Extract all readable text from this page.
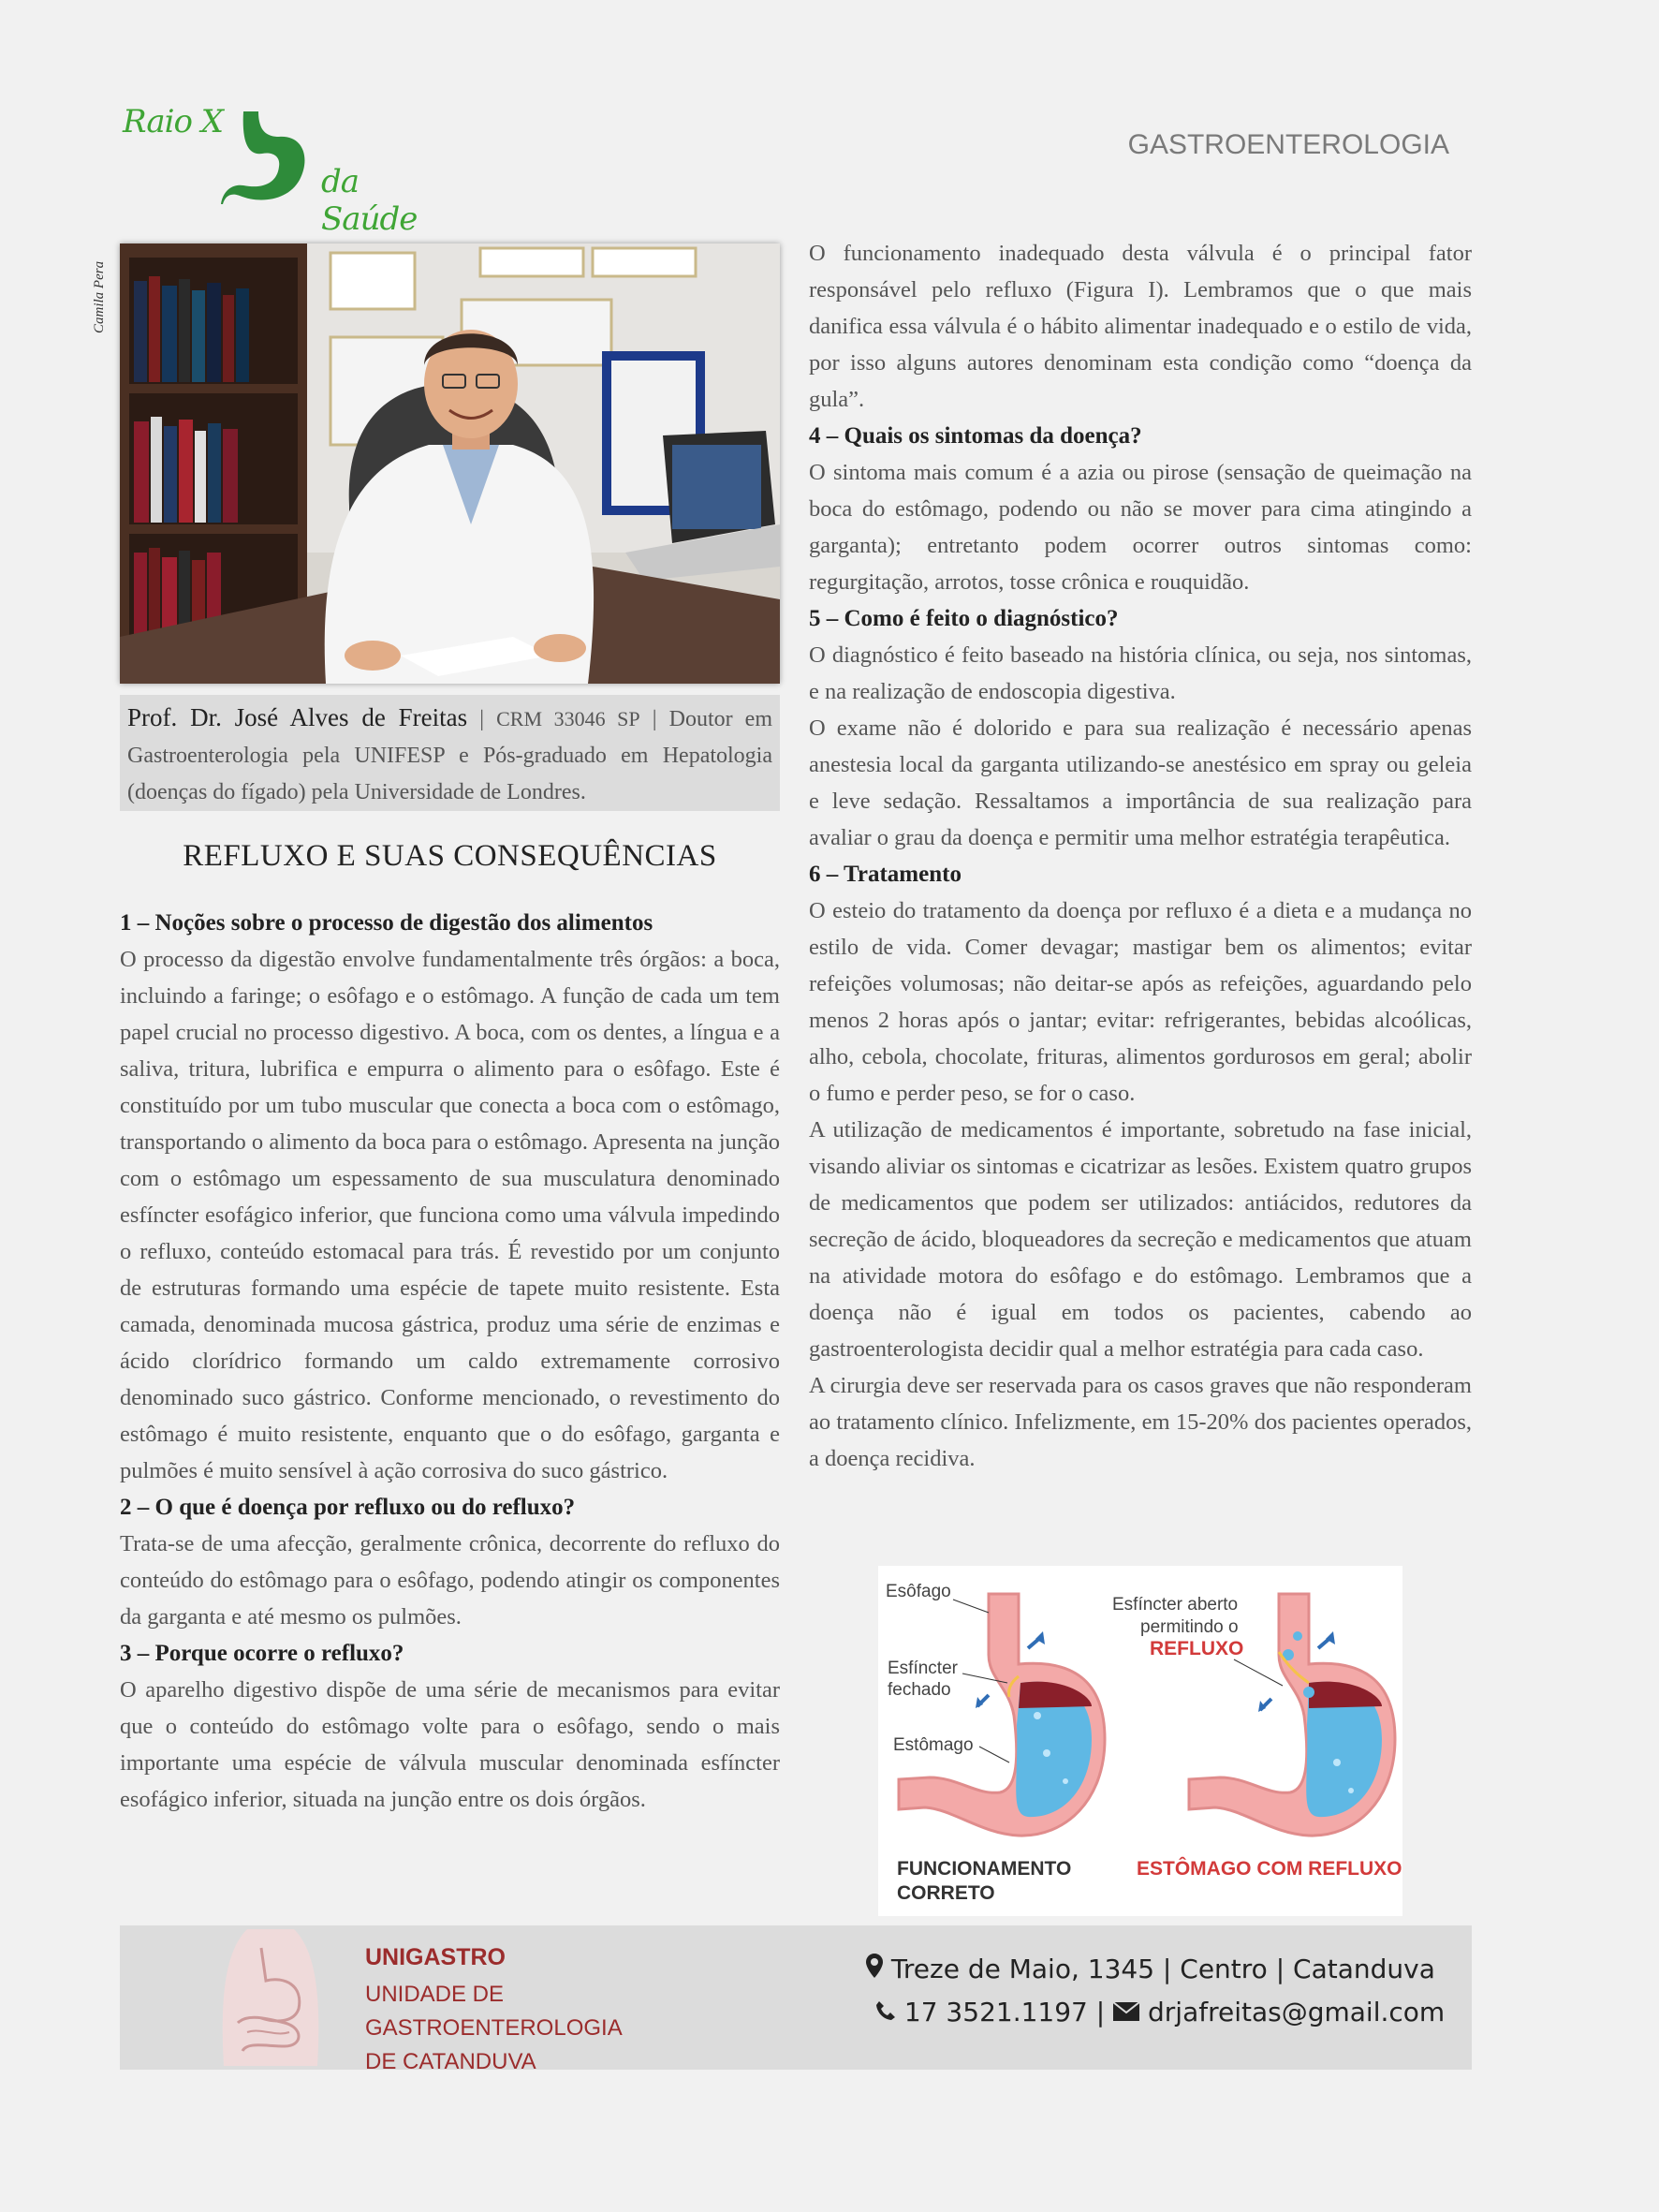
Raio X
da Saúde
GASTROENTEROLOGIA
Camila Pera
Prof. Dr. José Alves de Freitas | CRM 33046 SP | Doutor em Gastroenterologia pela UNIFESP e Pós-graduado em Hepatologia (doenças do fígado) pela Universidade de Londres.
REFLUXO E SUAS CONSEQUÊNCIAS
1 – Noções sobre o processo de digestão dos alimentos

O processo da digestão envolve fundamentalmente três órgãos: a boca, incluindo a faringe; o esôfago e o estômago. A função de cada um tem papel crucial no processo digestivo. A boca, com os dentes, a língua e a saliva, tritura, lubrifica e empurra o alimento para o esôfago. Este é constituído por um tubo muscular que conecta a boca com o estômago, transportando o alimento da boca para o estômago. Apresenta na junção com o estômago um espessamento de sua musculatura denominado esfíncter esofágico inferior, que funciona como uma válvula impedindo o refluxo, conteúdo estomacal para trás. É revestido por um conjunto de estruturas formando uma espécie de tapete muito resistente. Esta camada, denominada mucosa gástrica, produz uma série de enzimas e ácido clorídrico formando um caldo extremamente corrosivo denominado suco gástrico. Conforme mencionado, o revestimento do estômago é muito resistente, enquanto que o do esôfago, garganta e pulmões é muito sensível à ação corrosiva do suco gástrico.

2 – O que é doença por refluxo ou do refluxo?

Trata-se de uma afecção, geralmente crônica, decorrente do refluxo do conteúdo do estômago para o esôfago, podendo atingir os componentes da garganta e até mesmo os pulmões.

3 – Porque ocorre o refluxo?

O aparelho digestivo dispõe de uma série de mecanismos para evitar que o conteúdo do estômago volte para o esôfago, sendo o mais importante uma espécie de válvula muscular denominada esfíncter esofágico inferior, situada na junção entre os dois órgãos.

O funcionamento inadequado desta válvula é o principal fator responsável pelo refluxo (Figura I). Lembramos que o que mais danifica essa válvula é o hábito alimentar inadequado e o estilo de vida, por isso alguns autores denominam esta condição como “doença da gula”.

4 – Quais os sintomas da doença?

O sintoma mais comum é a azia ou pirose (sensação de queimação na boca do estômago, podendo ou não se mover para cima atingindo a garganta); entretanto podem ocorrer outros sintomas como: regurgitação, arrotos, tosse crônica e rouquidão.

5 – Como é feito o diagnóstico?

O diagnóstico é feito baseado na história clínica, ou seja, nos sintomas, e na realização de endoscopia digestiva.

O exame não é dolorido e para sua realização é necessário apenas anestesia local da garganta utilizando-se anestésico em spray ou geleia e leve sedação. Ressaltamos a importância de sua realização para avaliar o grau da doença e permitir uma melhor estratégia terapêutica.

6 – Tratamento

O esteio do tratamento da doença por refluxo é a dieta e a mudança no estilo de vida. Comer devagar; mastigar bem os alimentos; evitar refeições volumosas; não deitar-se após as refeições, aguardando pelo menos 2 horas após o jantar; evitar: refrigerantes, bebidas alcoólicas, alho, cebola, chocolate, frituras, alimentos gordurosos em geral; abolir o fumo e perder peso, se for o caso.

A utilização de medicamentos é importante, sobretudo na fase inicial, visando aliviar os sintomas e cicatrizar as lesões. Existem quatro grupos de medicamentos que podem ser utilizados: antiácidos, redutores da secreção de ácido, bloqueadores da secreção e medicamentos que atuam na atividade motora do esôfago e do estômago. Lembramos que a doença não é igual em todos os pacientes, cabendo ao gastroenterologista decidir qual a melhor estratégia para cada caso.

A cirurgia deve ser reservada para os casos graves que não responderam ao tratamento clínico. Infelizmente, em 15-20% dos pacientes operados, a doença recidiva.

Esôfago
Esfíncter
fechado
Estômago
Esfíncter aberto
permitindo o
REFLUXO
FUNCIONAMENTO
CORRETO
ESTÔMAGO COM REFLUXO
UNIGASTRO
UNIDADE DE GASTROENTEROLOGIA
DE CATANDUVA
Treze de Maio, 1345 | Centro | Catanduva
17 3521.1197 |  drjafreitas@gmail.com
